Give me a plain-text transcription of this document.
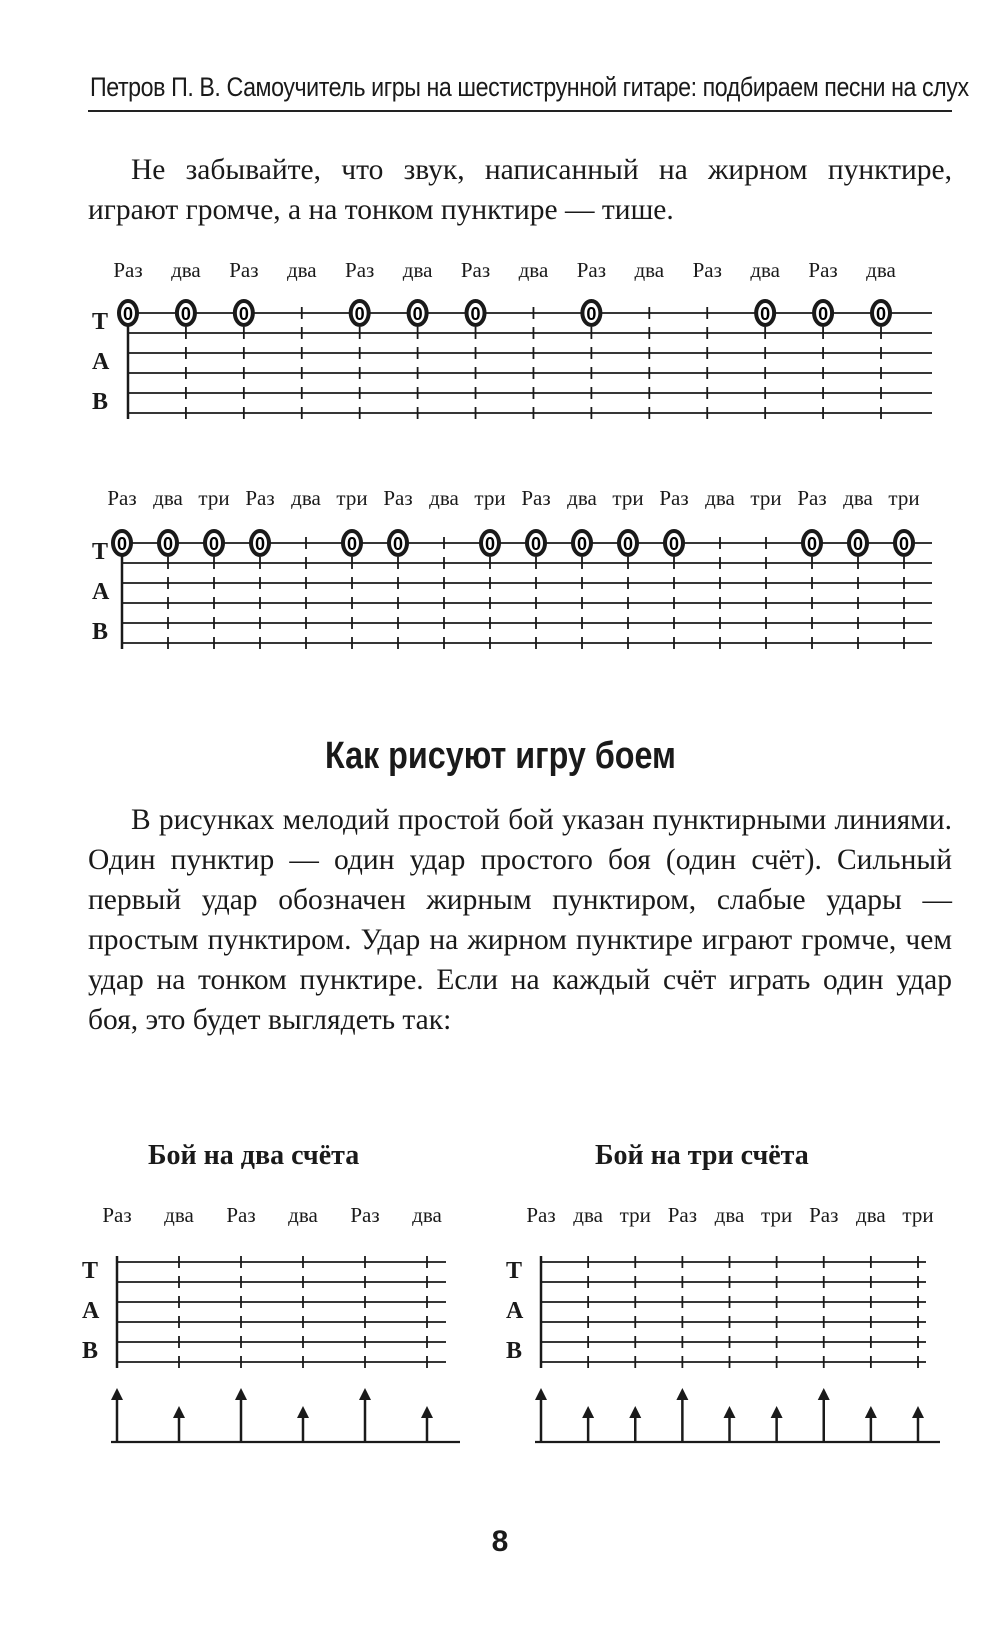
Петров П. В. Самоучитель игры на шестиструнной гитаре: подбираем песни на слух

Не забывайте, что звук, написанный на жирном пунктире, играют громче, а на тонком пунктире — тише.

T
A
B
Раз
0
два
0
Раз
0
два Раз
0
два
0
Раз
0
два Раз
0
два Раз два
0
Раз
0
два
0
T
A
B
Раз
0
два
0
три
0
Раз
0
два три
0
Раз
0
два три
0
Раз
0
два
0
три
0
Раз
0
два три Раз
0
два
0
три
0
Как рисуют игру боем

В рисунках мелодий простой бой указан пунктирными линиями. Один пунктир — один удар простого боя (один счёт). Сильный первый удар обозначен жирным пунктиром, слабые удары — простым пунктиром. Удар на жирном пунктире играют громче, чем удар на тонком пунктире. Если на каждый счёт играть один удар боя, это будет выглядеть так:

Бой на два счёта	Бой на три счёта
T
A
B
Раз два Раз два Раз два
T
A
B
Раз два три Раз два три Раз два три
8
